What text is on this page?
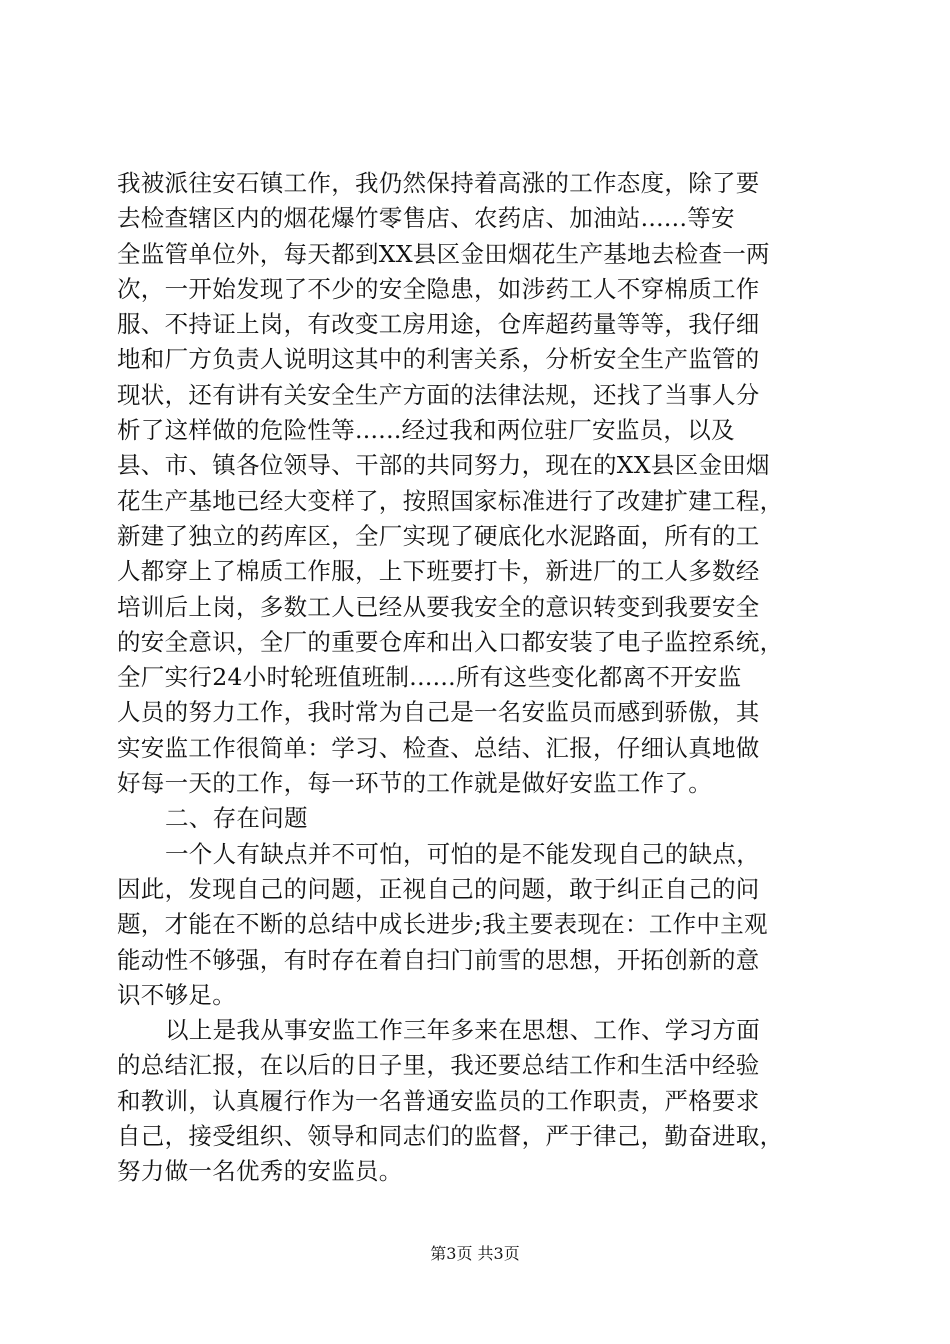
我被派往安石镇工作，我仍然保持着高涨的工作态度，除了要
去检查辖区内的烟花爆竹零售店、农药店、加油站......等安
全监管单位外，每天都到XX县区金田烟花生产基地去检查一两
次，一开始发现了不少的安全隐患，如涉药工人不穿棉质工作
服、不持证上岗，有改变工房用途，仓库超药量等等，我仔细
地和厂方负责人说明这其中的利害关系，分析安全生产监管的
现状，还有讲有关安全生产方面的法律法规，还找了当事人分
析了这样做的危险性等......经过我和两位驻厂安监员，以及
县、市、镇各位领导、干部的共同努力，现在的XX县区金田烟
花生产基地已经大变样了，按照国家标准进行了改建扩建工程，
新建了独立的药库区，全厂实现了硬底化水泥路面，所有的工
人都穿上了棉质工作服，上下班要打卡，新进厂的工人多数经
培训后上岗，多数工人已经从要我安全的意识转变到我要安全
的安全意识，全厂的重要仓库和出入口都安装了电子监控系统，
全厂实行24小时轮班值班制......所有这些变化都离不开安监
人员的努力工作，我时常为自己是一名安监员而感到骄傲，其
实安监工作很简单：学习、检查、总结、汇报，仔细认真地做
好每一天的工作，每一环节的工作就是做好安监工作了。
二、存在问题
一个人有缺点并不可怕，可怕的是不能发现自己的缺点，
因此，发现自己的问题，正视自己的问题，敢于纠正自己的问
题，才能在不断的总结中成长进步;我主要表现在：工作中主观
能动性不够强，有时存在着自扫门前雪的思想，开拓创新的意
识不够足。
以上是我从事安监工作三年多来在思想、工作、学习方面
的总结汇报，在以后的日子里，我还要总结工作和生活中经验
和教训，认真履行作为一名普通安监员的工作职责，严格要求
自己，接受组织、领导和同志们的监督，严于律己，勤奋进取，
努力做一名优秀的安监员。
第3页 共3页
